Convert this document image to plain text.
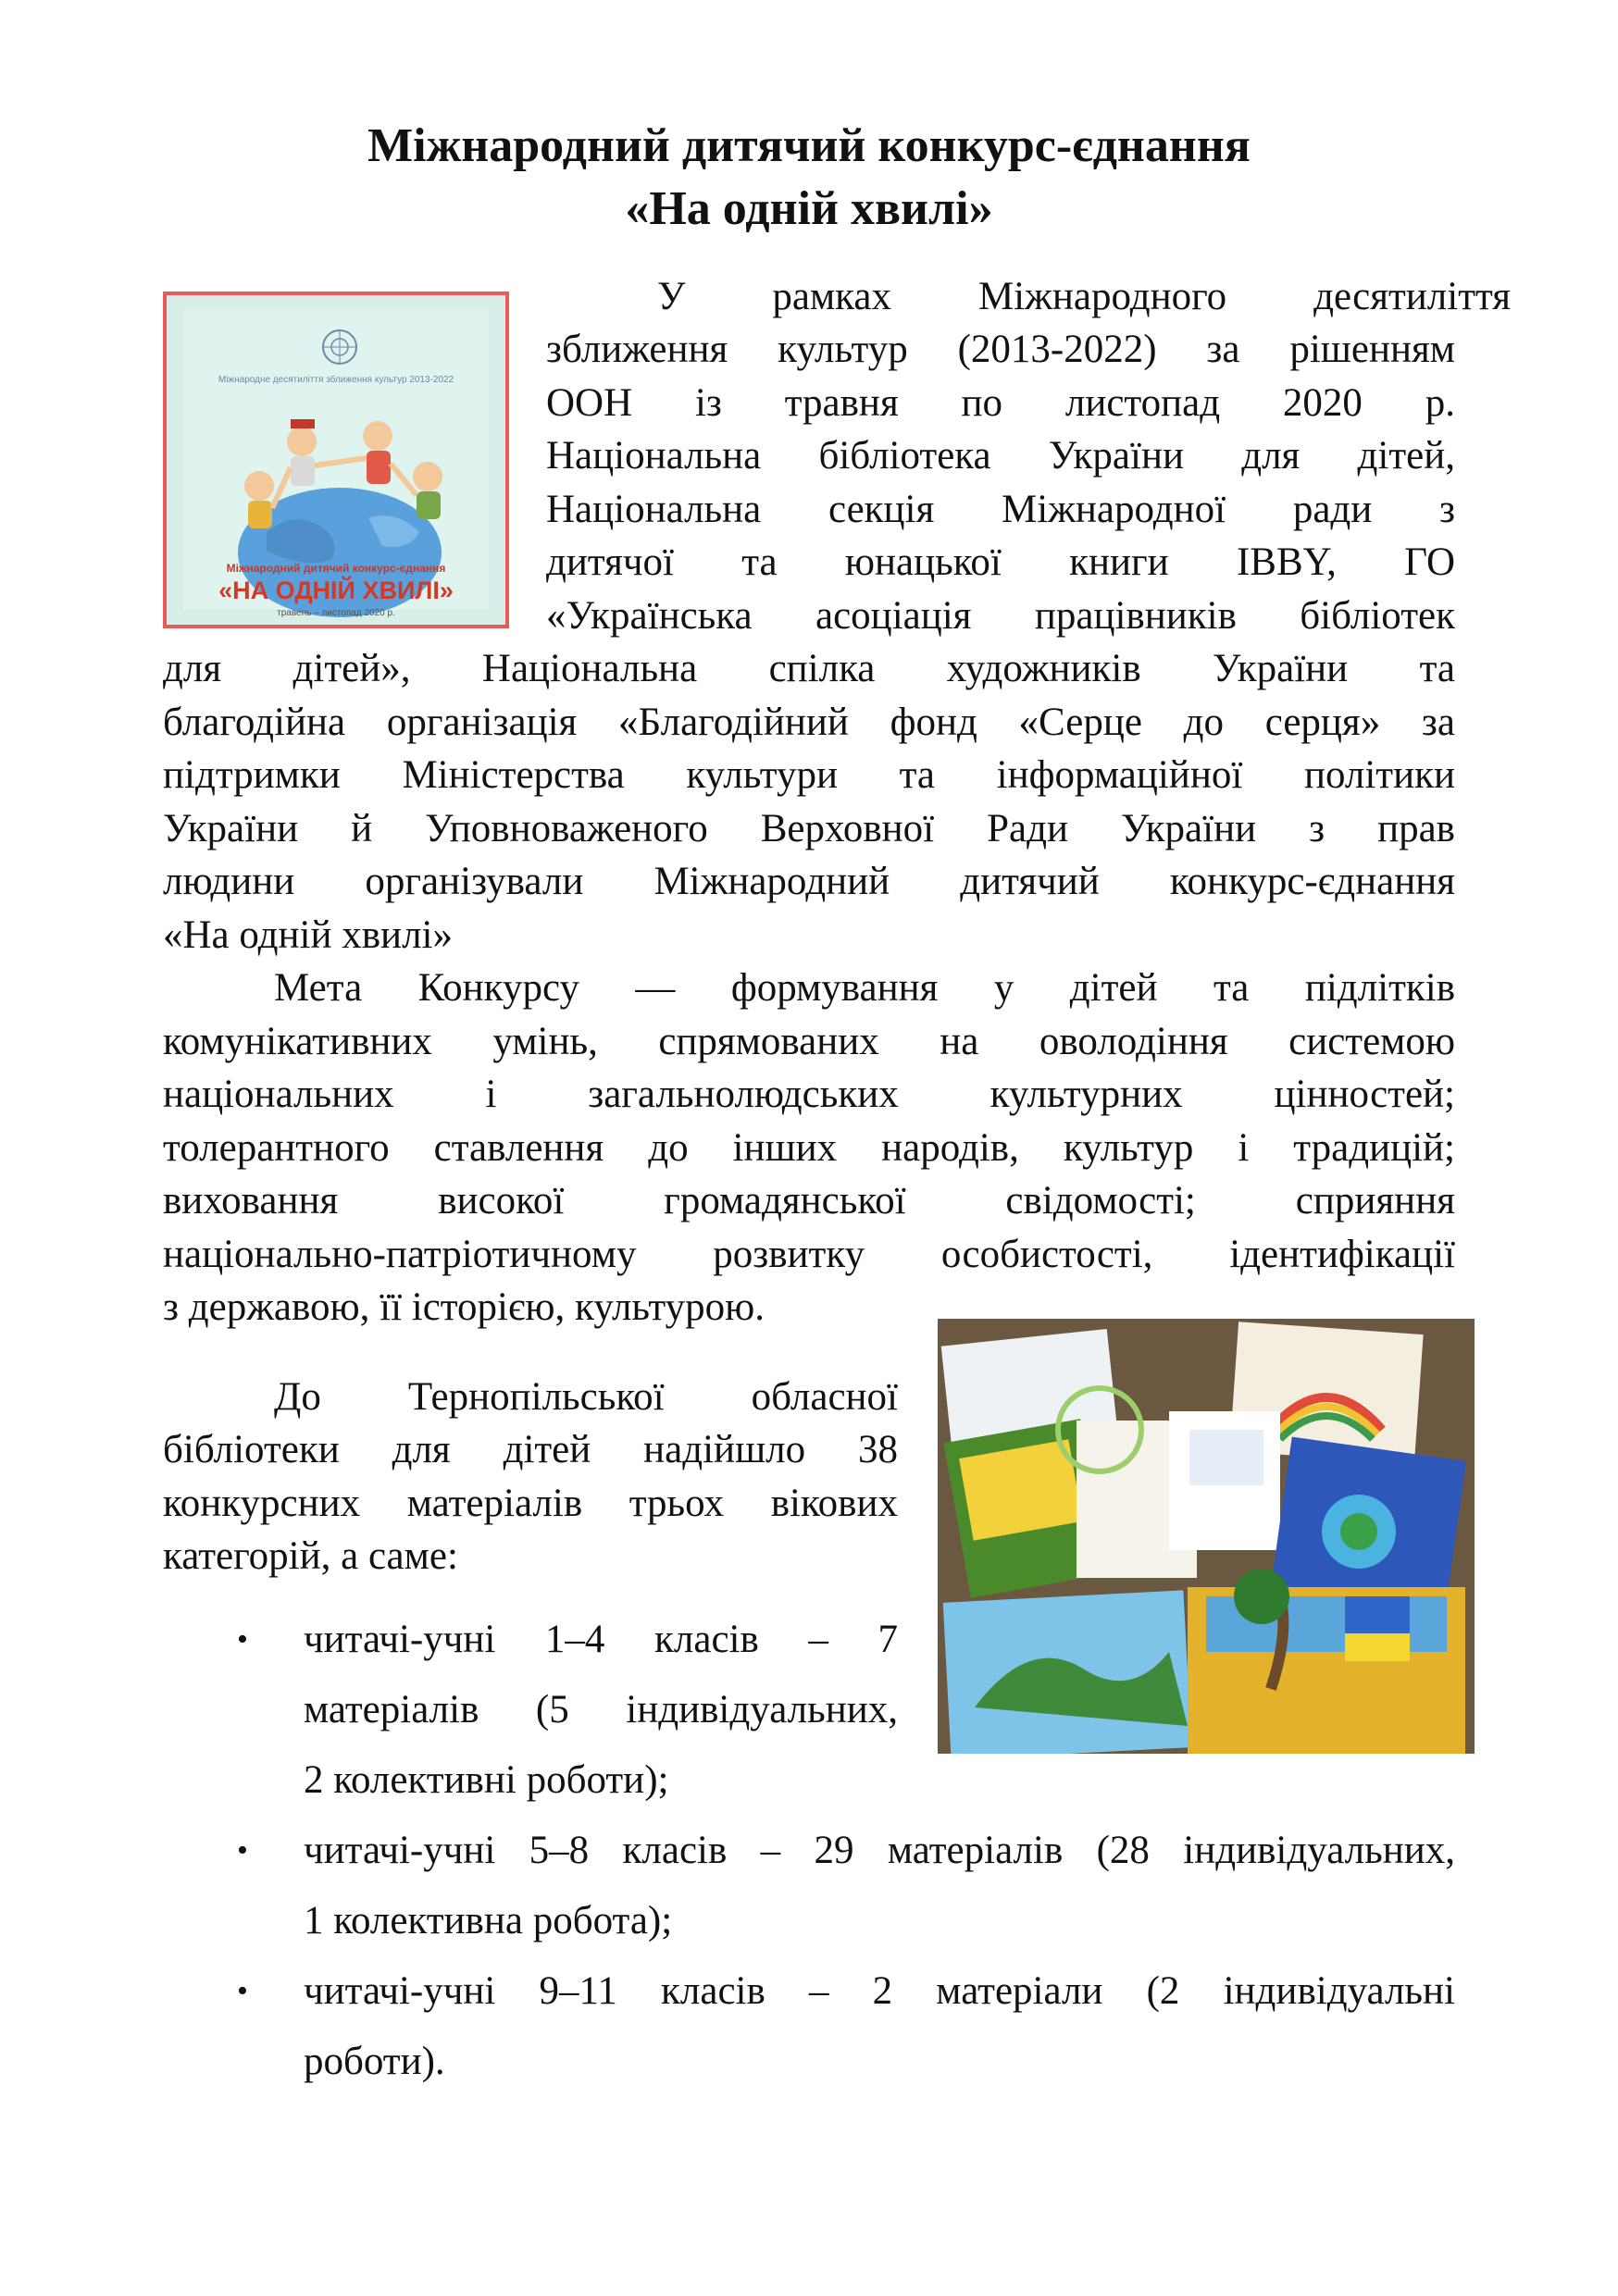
Міжнародний дитячий конкурс-єднання
«На одній хвилі»
Міжнародне десятиліття зближення культур 2013-2022
Міжнародний дитячий конкурс-єднання
«НА ОДНІЙ ХВИЛІ»
травень – листопад 2020 р.

У рамках Міжнародного десятиліття

зближення культур (2013-2022) за рішенням

ООН із травня по листопад 2020 р.

Національна бібліотека України для дітей,

Національна секція Міжнародної ради з

дитячої та юнацької книги IBBY, ГО

«Українська асоціація працівників бібліотек

для дітей», Національна спілка художників України та

благодійна організація «Благодійний фонд «Серце до серця» за

підтримки Міністерства культури та інформаційної політики

України й Уповноваженого Верховної Ради України з прав

людини організували Міжнародний дитячий конкурс-єднання

«На одній хвилі»

Мета Конкурсу — формування у дітей та підлітків

комунікативних умінь, спрямованих на оволодіння системою

національних і загальнолюдських культурних цінностей;

толерантного ставлення до інших народів, культур і традицій;

виховання високої громадянської свідомості; сприяння

національно-патріотичному розвитку особистості, ідентифікації

з державою, її історією, культурою.

До Тернопільської обласної

бібліотеки для дітей надійшло 38

конкурсних матеріалів трьох вікових

категорій, а саме:

• читачі-учні 1–4 класів – 7

матеріалів (5 індивідуальних,

2 колективні роботи);

• читачі-учні 5–8 класів – 29 матеріалів (28 індивідуальних,

1 колективна робота);

• читачі-учні 9–11 класів – 2 матеріали (2 індивідуальні

роботи).
